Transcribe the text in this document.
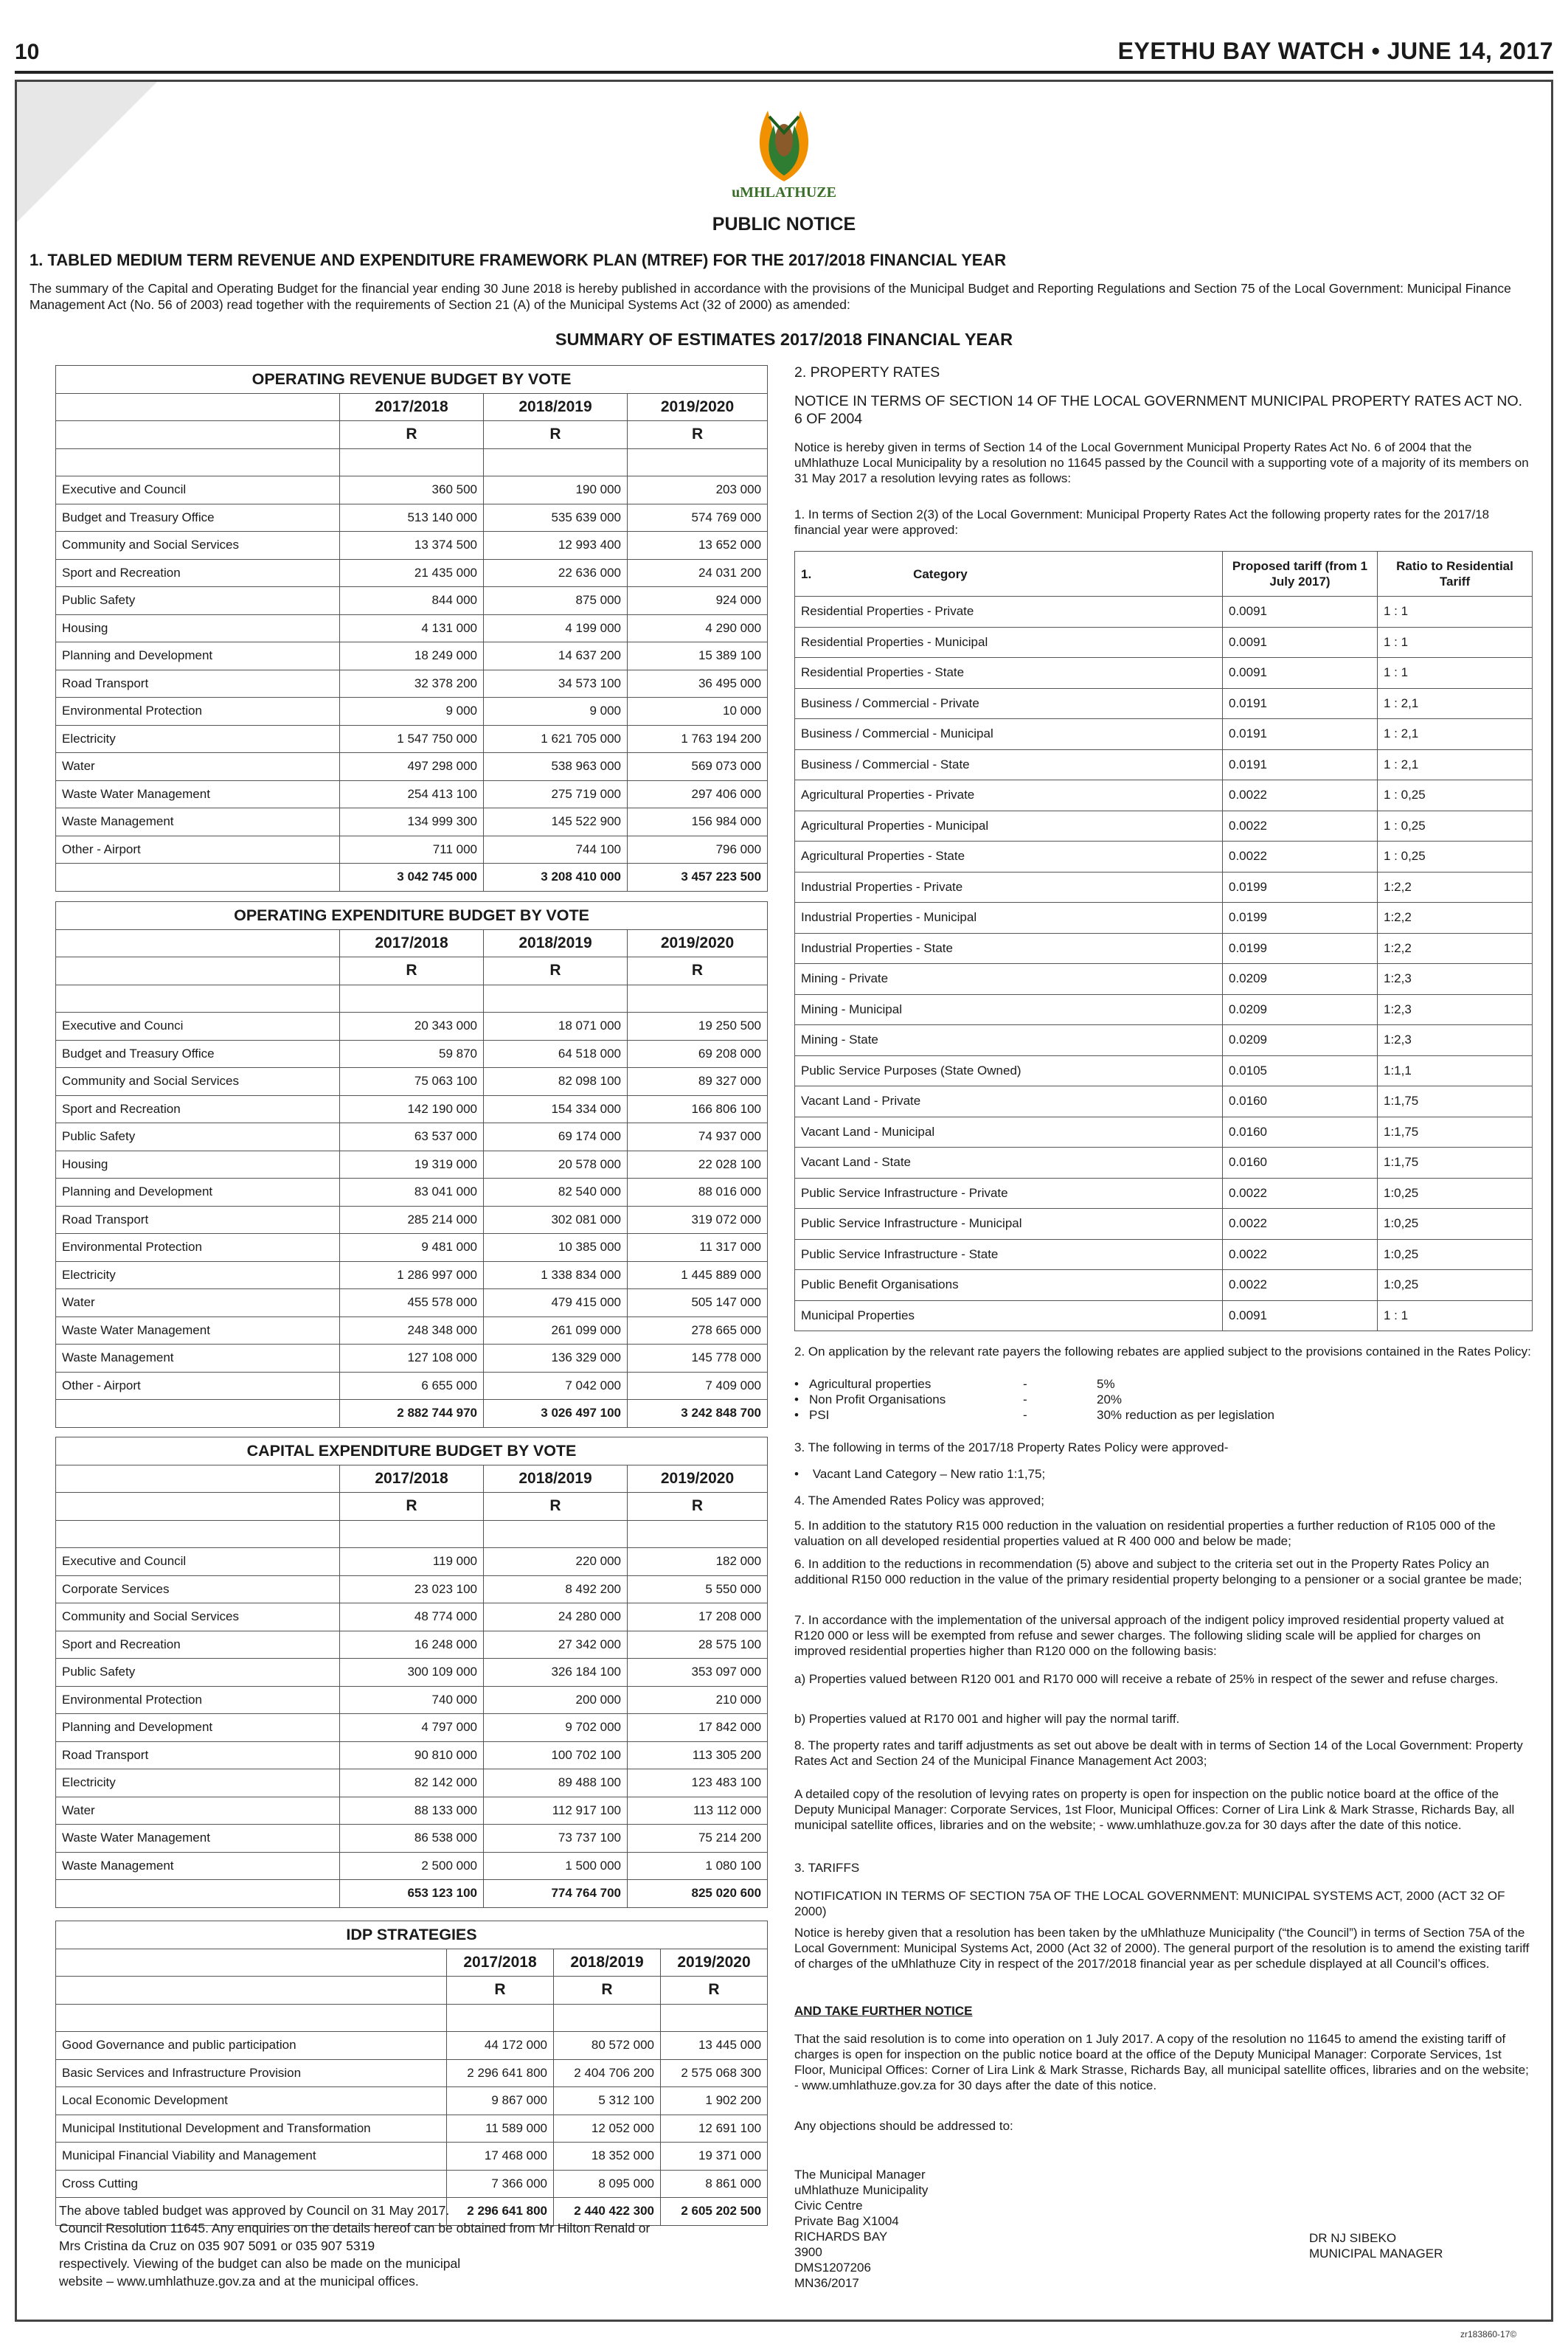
10	EYETHU BAY WATCH • JUNE 14, 2017
uMHLATHUZE
PUBLIC NOTICE
1. TABLED MEDIUM TERM REVENUE AND EXPENDITURE FRAMEWORK PLAN (MTREF) FOR THE 2017/2018 FINANCIAL YEAR
The summary of the Capital and Operating Budget for the financial year ending 30 June 2018 is hereby published in accordance with the provisions of the Municipal Budget and Reporting Regulations and Section 75 of the Local Government: Municipal Finance Management Act (No. 56 of 2003) read together with the requirements of Section 21 (A) of the Municipal Systems Act (32 of 2000) as amended:
SUMMARY OF ESTIMATES 2017/2018 FINANCIAL YEAR
OPERATING REVENUE BUDGET BY VOTE			
	2017/2018	2018/2019	2019/2020
	R	R	R

Executive and Council	360 500	190 000	203 000
Budget and Treasury Office	513 140 000	535 639 000	574 769 000
Community and Social Services	13 374 500	12 993 400	13 652 000
Sport and Recreation	21 435 000	22 636 000	24 031 200
Public Safety	844 000	875 000	924 000
Housing	4 131 000	4 199 000	4 290 000
Planning and Development	18 249 000	14 637 200	15 389 100
Road Transport	32 378 200	34 573 100	36 495 000
Environmental Protection	9 000	9 000	10 000
Electricity	1 547 750 000	1 621 705 000	1 763 194 200
Water	497 298 000	538 963 000	569 073 000
Waste Water Management	254 413 100	275 719 000	297 406 000
Waste Management	134 999 300	145 522 900	156 984 000
Other - Airport	711 000	744 100	796 000
	3 042 745 000	3 208 410 000	3 457 223 500
OPERATING EXPENDITURE BUDGET BY VOTE			
	2017/2018	2018/2019	2019/2020
	R	R	R

Executive and Counci	20 343 000	18 071 000	19 250 500
Budget and Treasury Office	59 870	64 518 000	69 208 000
Community and Social Services	75 063 100	82 098 100	89 327 000
Sport and Recreation	142 190 000	154 334 000	166 806 100
Public Safety	63 537 000	69 174 000	74 937 000
Housing	19 319 000	20 578 000	22 028 100
Planning and Development	83 041 000	82 540 000	88 016 000
Road Transport	285 214 000	302 081 000	319 072 000
Environmental Protection	9 481 000	10 385 000	11 317 000
Electricity	1 286 997 000	1 338 834 000	1 445 889 000
Water	455 578 000	479 415 000	505 147 000
Waste Water Management	248 348 000	261 099 000	278 665 000
Waste Management	127 108 000	136 329 000	145 778 000
Other - Airport	6 655 000	7 042 000	7 409 000
	2 882 744 970	3 026 497 100	3 242 848 700
CAPITAL EXPENDITURE BUDGET BY VOTE			
	2017/2018	2018/2019	2019/2020
	R	R	R

Executive and Council	119 000	220 000	182 000
Corporate Services	23 023 100	8 492 200	5 550 000
Community and Social Services	48 774 000	24 280 000	17 208 000
Sport and Recreation	16 248 000	27 342 000	28 575 100
Public Safety	300 109 000	326 184 100	353 097 000
Environmental Protection	740 000	200 000	210 000
Planning and Development	4 797 000	9 702 000	17 842 000
Road Transport	90 810 000	100 702 100	113 305 200
Electricity	82 142 000	89 488 100	123 483 100
Water	88 133 000	112 917 100	113 112 000
Waste Water Management	86 538 000	73 737 100	75 214 200
Waste Management	2 500 000	1 500 000	1 080 100
	653 123 100	774 764 700	825 020 600
IDP STRATEGIES			
	2017/2018	2018/2019	2019/2020
	R	R	R

Good Governance and public participation	44 172 000	80 572 000	13 445 000
Basic Services and Infrastructure Provision	2 296 641 800	2 404 706 200	2 575 068 300
Local Economic Development	9 867 000	5 312 100	1 902 200
Municipal Institutional Development and Transformation	11 589 000	12 052 000	12 691 100
Municipal Financial Viability and Management	17 468 000	18 352 000	19 371 000
Cross Cutting	7 366 000	8 095 000	8 861 000
	2 296 641 800	2 440 422 300	2 605 202 500
The above tabled budget was approved by Council on 31 May 2017.
Council Resolution 11645. Any enquiries on the details hereof can be obtained from Mr Hilton Renald or
Mrs Cristina da Cruz on 035 907 5091 or 035 907 5319
respectively. Viewing of the budget can also be made on the municipal
website – www.umhlathuze.gov.za and at the municipal offices.
2. PROPERTY RATES
NOTICE IN TERMS OF SECTION 14 OF THE LOCAL GOVERNMENT MUNICIPAL PROPERTY RATES ACT NO. 6 OF 2004
Notice is hereby given in terms of Section 14 of the Local Government Municipal Property Rates Act No. 6 of 2004 that the uMhlathuze Local Municipality by a resolution no 11645 passed by the Council with a supporting vote of a majority of its members on 31 May 2017 a resolution levying rates as follows:
1. In terms of Section 2(3) of the Local Government: Municipal Property Rates Act the following property rates for the 2017/18 financial year were approved:
1. Category	Proposed tariff (from 1 July 2017)	Ratio to Residential Tariff
Residential Properties - Private	0.0091	1 : 1
Residential Properties - Municipal	0.0091	1 : 1
Residential Properties - State	0.0091	1 : 1
Business / Commercial - Private	0.0191	1 : 2,1
Business / Commercial - Municipal	0.0191	1 : 2,1
Business / Commercial - State	0.0191	1 : 2,1
Agricultural Properties - Private	0.0022	1 : 0,25
Agricultural Properties - Municipal	0.0022	1 : 0,25
Agricultural Properties - State	0.0022	1 : 0,25
Industrial Properties - Private	0.0199	1:2,2
Industrial Properties - Municipal	0.0199	1:2,2
Industrial Properties - State	0.0199	1:2,2
Mining - Private	0.0209	1:2,3
Mining - Municipal	0.0209	1:2,3
Mining - State	0.0209	1:2,3
Public Service Purposes (State Owned)	0.0105	1:1,1
Vacant Land - Private	0.0160	1:1,75
Vacant Land - Municipal	0.0160	1:1,75
Vacant Land - State	0.0160	1:1,75
Public Service Infrastructure - Private	0.0022	1:0,25
Public Service Infrastructure - Municipal	0.0022	1:0,25
Public Service Infrastructure - State	0.0022	1:0,25
Public Benefit Organisations	0.0022	1:0,25
Municipal Properties	0.0091	1 : 1
2. On application by the relevant rate payers the following rebates are applied subject to the provisions contained in the Rates Policy:
• Agricultural properties	-	5%
• Non Profit Organisations	-	20%
• PSI	-	30% reduction as per legislation
3. The following in terms of the 2017/18 Property Rates Policy were approved-
•    Vacant Land Category – New ratio 1:1,75;
4. The Amended Rates Policy was approved;
5. In addition to the statutory R15 000 reduction in the valuation on residential properties a further reduction of R105 000 of the valuation on all developed residential properties valued at R 400 000 and below be made;
6. In addition to the reductions in recommendation (5) above and subject to the criteria set out in the Property Rates Policy an additional R150 000 reduction in the value of the primary residential property belonging to a pensioner or a social grantee be made;
7. In accordance with the implementation of the universal approach of the indigent policy improved residential property valued at R120 000 or less will be exempted from refuse and sewer charges. The following sliding scale will be applied for charges on improved residential properties higher than R120 000 on the following basis:
a) Properties valued between R120 001 and R170 000 will receive a rebate of 25% in respect of the sewer and refuse charges.
b) Properties valued at R170 001 and higher will pay the normal tariff.
8. The property rates and tariff adjustments as set out above be dealt with in terms of Section 14 of the Local Government: Property Rates Act and Section 24 of the Municipal Finance Management Act 2003;
A detailed copy of the resolution of levying rates on property is open for inspection on the public notice board at the office of the Deputy Municipal Manager: Corporate Services, 1st Floor, Municipal Offices: Corner of Lira Link & Mark Strasse, Richards Bay, all municipal satellite offices, libraries and on the website; - www.umhlathuze.gov.za for 30 days after the date of this notice.
3. TARIFFS
NOTIFICATION IN TERMS OF SECTION 75A OF THE LOCAL GOVERNMENT: MUNICIPAL SYSTEMS ACT, 2000 (ACT 32 OF 2000)
Notice is hereby given that a resolution has been taken by the uMhlathuze Municipality (“the Council”) in terms of Section 75A of the Local Government: Municipal Systems Act, 2000 (Act 32 of 2000). The general purport of the resolution is to amend the existing tariff of charges of the uMhlathuze City in respect of the 2017/2018 financial year as per schedule displayed at all Council’s offices.
AND TAKE FURTHER NOTICE
That the said resolution is to come into operation on 1 July 2017. A copy of the resolution no 11645 to amend the existing tariff of charges is open for inspection on the public notice board at the office of the Deputy Municipal Manager: Corporate Services, 1st Floor, Municipal Offices: Corner of Lira Link & Mark Strasse, Richards Bay, all municipal satellite offices, libraries and on the website; - www.umhlathuze.gov.za for 30 days after the date of this notice.
Any objections should be addressed to:
The Municipal Manager
uMhlathuze Municipality
Civic Centre
Private Bag X1004
RICHARDS BAY
3900
DMS1207206
MN36/2017
DR NJ SIBEKO
MUNICIPAL MANAGER
zr183860-17©
